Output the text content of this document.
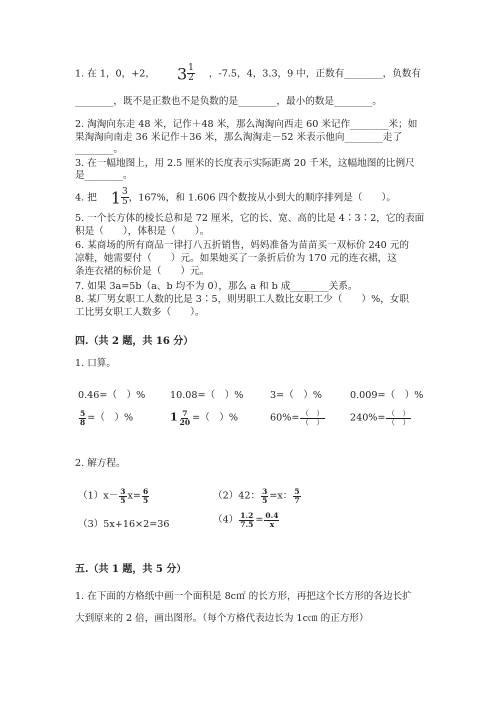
1. 在 1，0，+2， $3 \frac{1}{2}$ ，-7.5，4，3.3，9 中，正数有________，负数有
________，既不是正数也不是负数的是________，最小的数是________。
2. 淘淘向东走 48 米，记作＋48 米，那么淘淘向西走 60 米记作________米；如
果淘淘向南走 36 米记作＋36 米，那么淘淘走－52 米表示他向________走了
________。
3. 在一幅地图上，用 2.5 厘米的长度表示实际距离 20 千米，这幅地图的比例尺
是________。
4. 把 $1 \frac{3}{5}$ ，167%，和 1.606 四个数按从小到大的顺序排列是（　　）。
5. 一个长方体的棱长总和是 72 厘米，它的长、宽、高的比是 4∶3∶2，它的表面
积是（　　），体积是（　　）。
6. 某商场的所有商品一律打八五折销售，妈妈准备为苗苗买一双标价 240 元的
凉鞋，她需要付（　　）元。如果她买了一条折后价为 170 元的连衣裙，这
条连衣裙的标价是（　　）元。
7. 如果 3a=5b（a、b 均不为 0），那么 a 和 b 成________关系。
8. 某厂男女职工人数的比是 3∶5，则男职工人数比女职工少（　　）%，女职
工比男女职工人数多（　　）。
四.（共 2 题，共 16 分）
1. 口算。
0.46=（　）%	10.08=（　）%	3=（　）%	0.009=（　）%
$\frac{5}{8}$ =（　）%	$1 \frac{7}{20}$ =（　）%	$60\%= \frac{( )}{( )}$	$240\%= \frac{( )}{( )}$
2. 解方程。
$(1)x- \frac{3}{5} x= \frac{6}{5}$	（2）42： $\frac{3}{5} =x$： $\frac{5}{7}$
（3）5x+16×2=36	$(4) \frac{1.2}{7.5} = \frac{0.4}{x}$
五.（共 1 题，共 5 分）
1. 在下面的方格纸中画一个面积是 8c㎡ 的长方形，再把这个长方形的各边长扩
大到原来的 2 倍，画出图形。（每个方格代表边长为 1c㎝ 的正方形）
